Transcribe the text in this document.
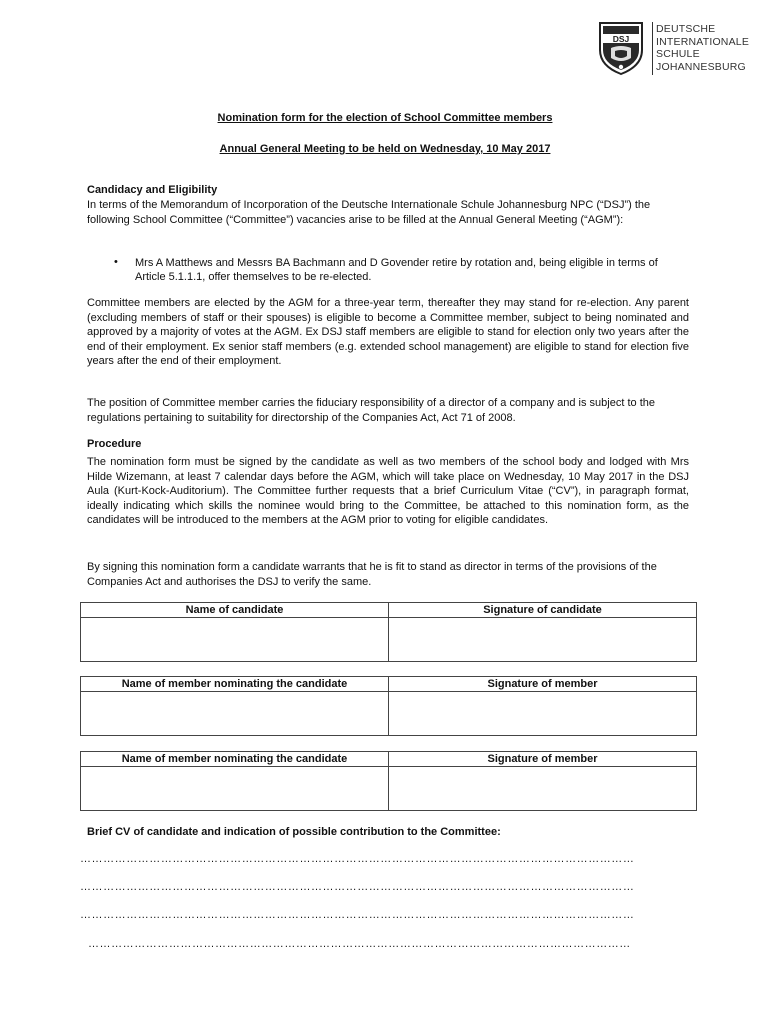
DSJ
DEUTSCHE
INTERNATIONALE
SCHULE
JOHANNESBURG
Nomination form for the election of School Committee members
Annual General Meeting to be held on Wednesday, 10 May 2017
Candidacy and Eligibility
In terms of the Memorandum of Incorporation of the Deutsche Internationale Schule Johannesburg NPC (“DSJ”) the following School Committee (“Committee”) vacancies arise to be filled at the Annual General Meeting (“AGM”):
• Mrs A Matthews and Messrs BA Bachmann and D Govender retire by rotation and, being eligible in terms of Article 5.1.1.1, offer themselves to be re-elected.
Committee members are elected by the AGM for a three-year term, thereafter they may stand for re-election. Any parent (excluding members of staff or their spouses) is eligible to become a Committee member, subject to being nominated and approved by a majority of votes at the AGM. Ex DSJ staff members are eligible to stand for election only two years after the end of their employment. Ex senior staff members (e.g. extended school management) are eligible to stand for election five years after the end of their employment.
The position of Committee member carries the fiduciary responsibility of a director of a company and is subject to the regulations pertaining to suitability for directorship of the Companies Act, Act 71 of 2008.
Procedure
The nomination form must be signed by the candidate as well as two members of the school body and lodged with Mrs Hilde Wizemann, at least 7 calendar days before the AGM, which will take place on Wednesday, 10 May 2017 in the DSJ Aula (Kurt-Kock-Auditorium). The Committee further requests that a brief Curriculum Vitae (“CV”), in paragraph format, ideally indicating which skills the nominee would bring to the Committee, be attached to this nomination form, as the candidates will be introduced to the members at the AGM prior to voting for eligible candidates.
By signing this nomination form a candidate warrants that he is fit to stand as director in terms of the provisions of the Companies Act and authorises the DSJ to verify the same.
Name of candidate	Signature of candidate

Name of member nominating the candidate	Signature of member

Name of member nominating the candidate	Signature of member

Brief CV of candidate and indication of possible contribution to the Committee:
………………………………………………………………………………………………………………………………
………………………………………………………………………………………………………………………………
………………………………………………………………………………………………………………………………
……………………………………………………………………………………………………………………………
